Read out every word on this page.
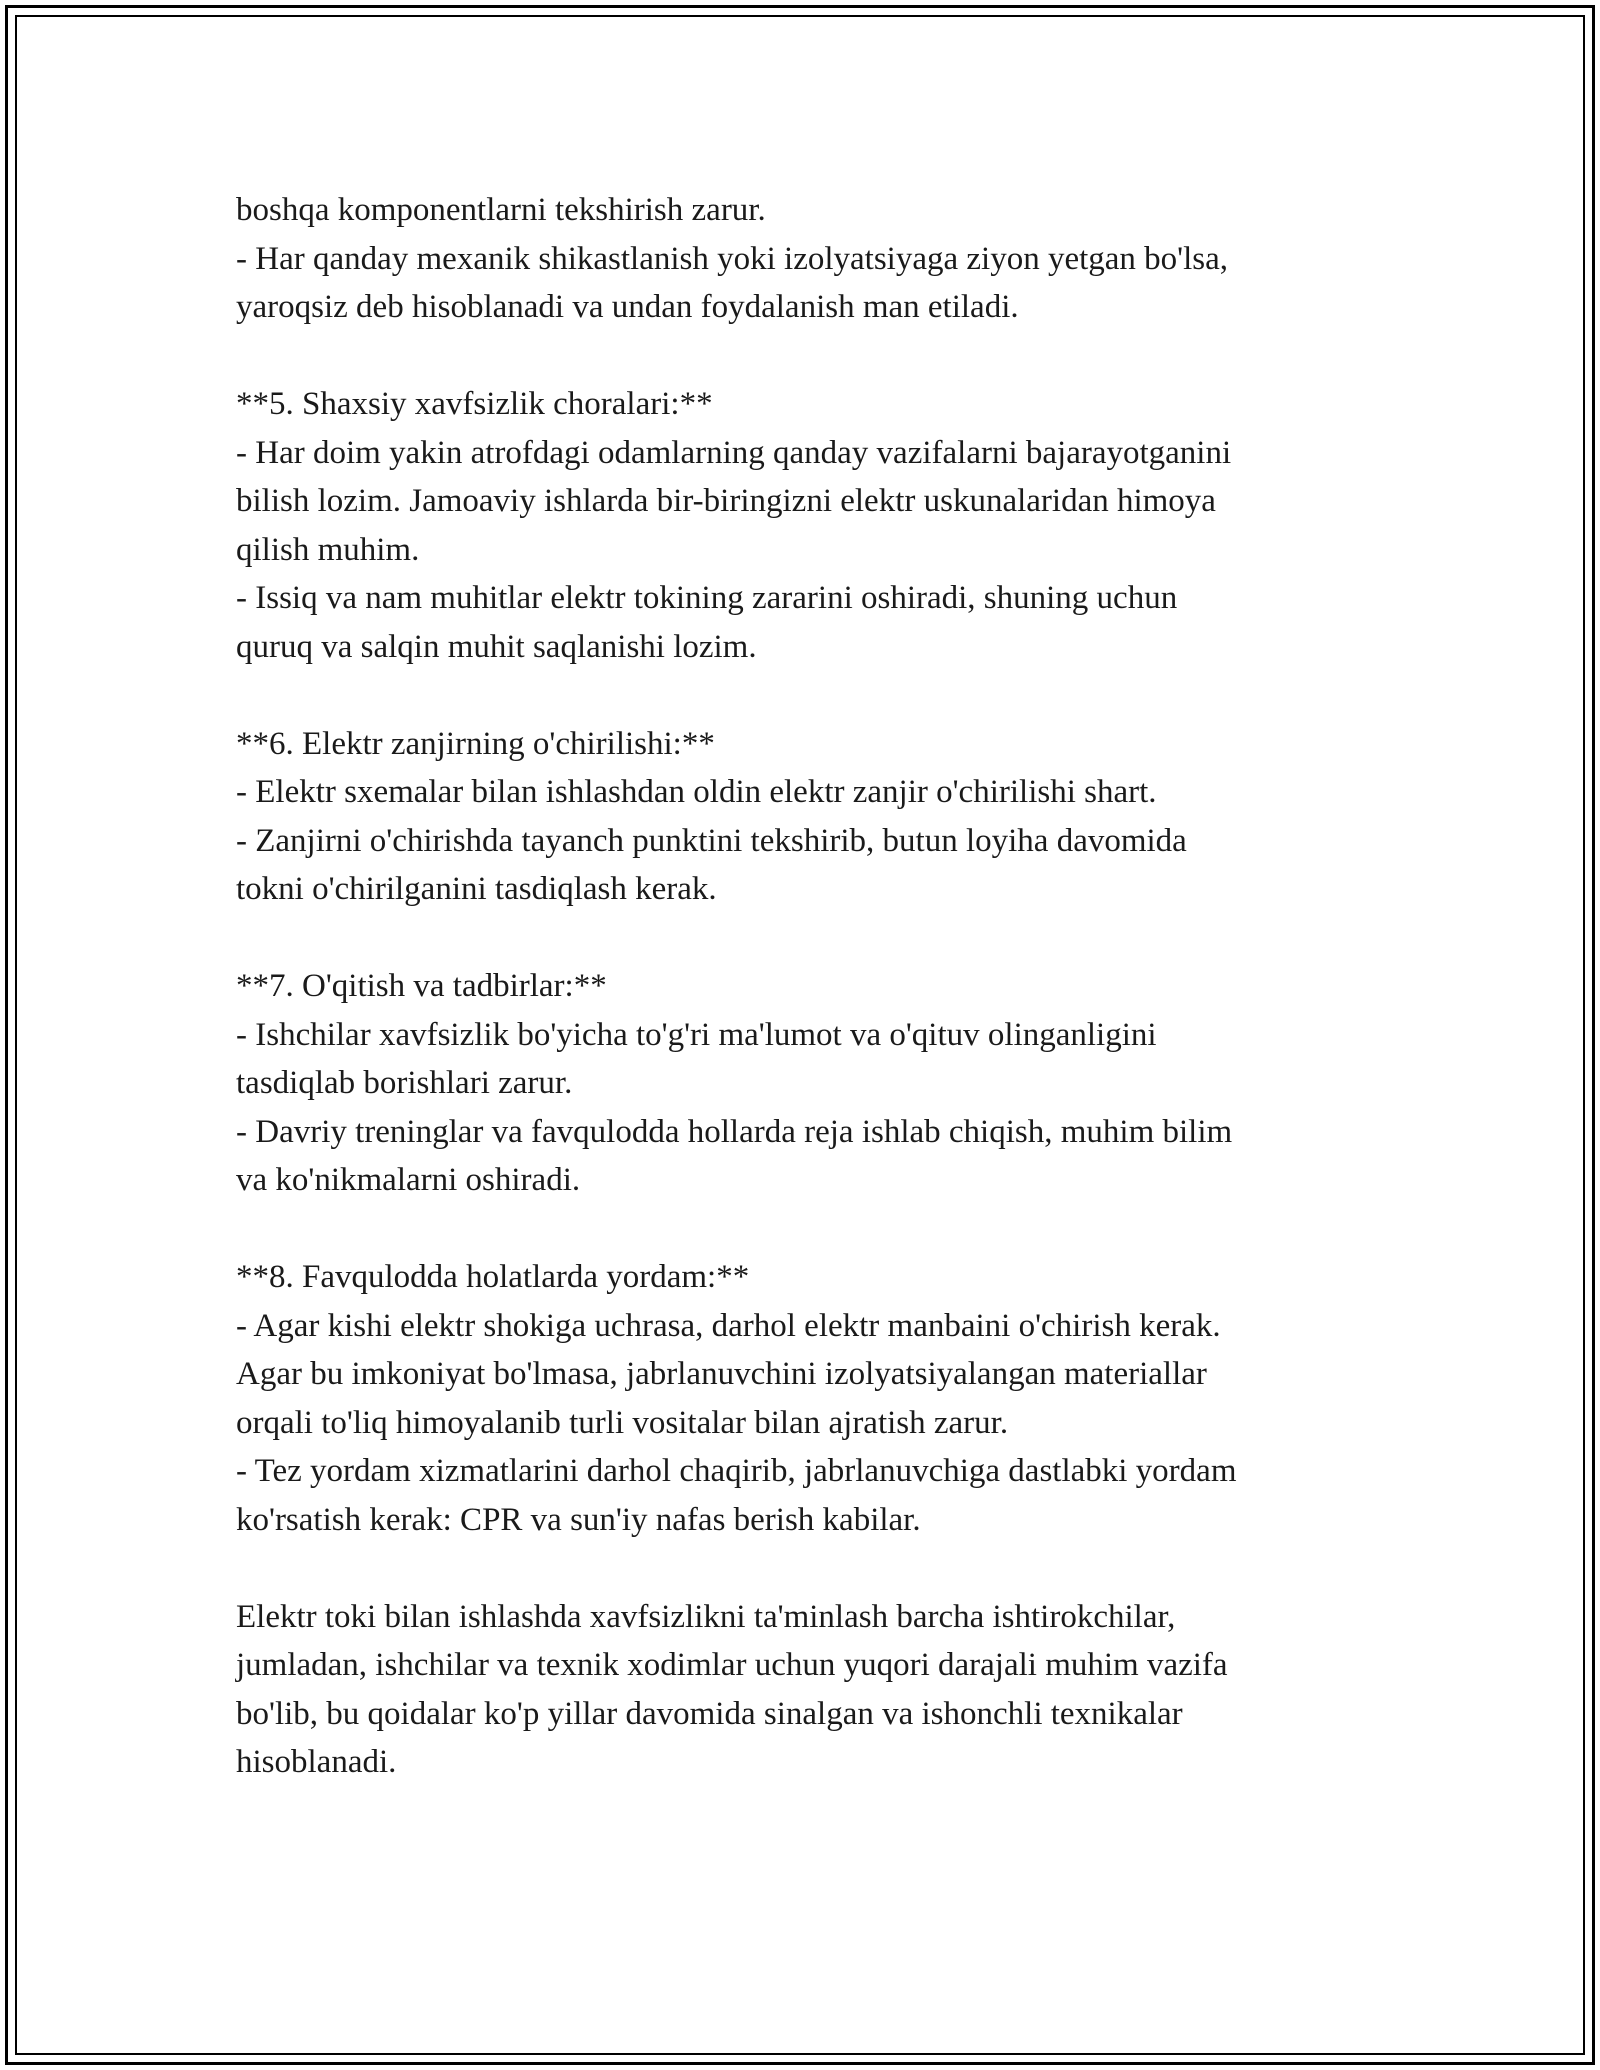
boshqa komponentlarni tekshirish zarur.

- Har qanday mexanik shikastlanish yoki izolyatsiyaga ziyon yetgan bo'lsa,

yaroqsiz deb hisoblanadi va undan foydalanish man etiladi.

**5. Shaxsiy xavfsizlik choralari:**

- Har doim yakin atrofdagi odamlarning qanday vazifalarni bajarayotganini

bilish lozim. Jamoaviy ishlarda bir-biringizni elektr uskunalaridan himoya

qilish muhim.

- Issiq va nam muhitlar elektr tokining zararini oshiradi, shuning uchun

quruq va salqin muhit saqlanishi lozim.

**6. Elektr zanjirning o'chirilishi:**

- Elektr sxemalar bilan ishlashdan oldin elektr zanjir o'chirilishi shart.

- Zanjirni o'chirishda tayanch punktini tekshirib, butun loyiha davomida

tokni o'chirilganini tasdiqlash kerak.

**7. O'qitish va tadbirlar:**

- Ishchilar xavfsizlik bo'yicha to'g'ri ma'lumot va o'qituv olinganligini

tasdiqlab borishlari zarur.

- Davriy treninglar va favqulodda hollarda reja ishlab chiqish, muhim bilim

va ko'nikmalarni oshiradi.

**8. Favqulodda holatlarda yordam:**

- Agar kishi elektr shokiga uchrasa, darhol elektr manbaini o'chirish kerak.

Agar bu imkoniyat bo'lmasa, jabrlanuvchini izolyatsiyalangan materiallar

orqali to'liq himoyalanib turli vositalar bilan ajratish zarur.

- Tez yordam xizmatlarini darhol chaqirib, jabrlanuvchiga dastlabki yordam

ko'rsatish kerak: CPR va sun'iy nafas berish kabilar.

Elektr toki bilan ishlashda xavfsizlikni ta'minlash barcha ishtirokchilar,

jumladan, ishchilar va texnik xodimlar uchun yuqori darajali muhim vazifa

bo'lib, bu qoidalar ko'p yillar davomida sinalgan va ishonchli texnikalar

hisoblanadi.
